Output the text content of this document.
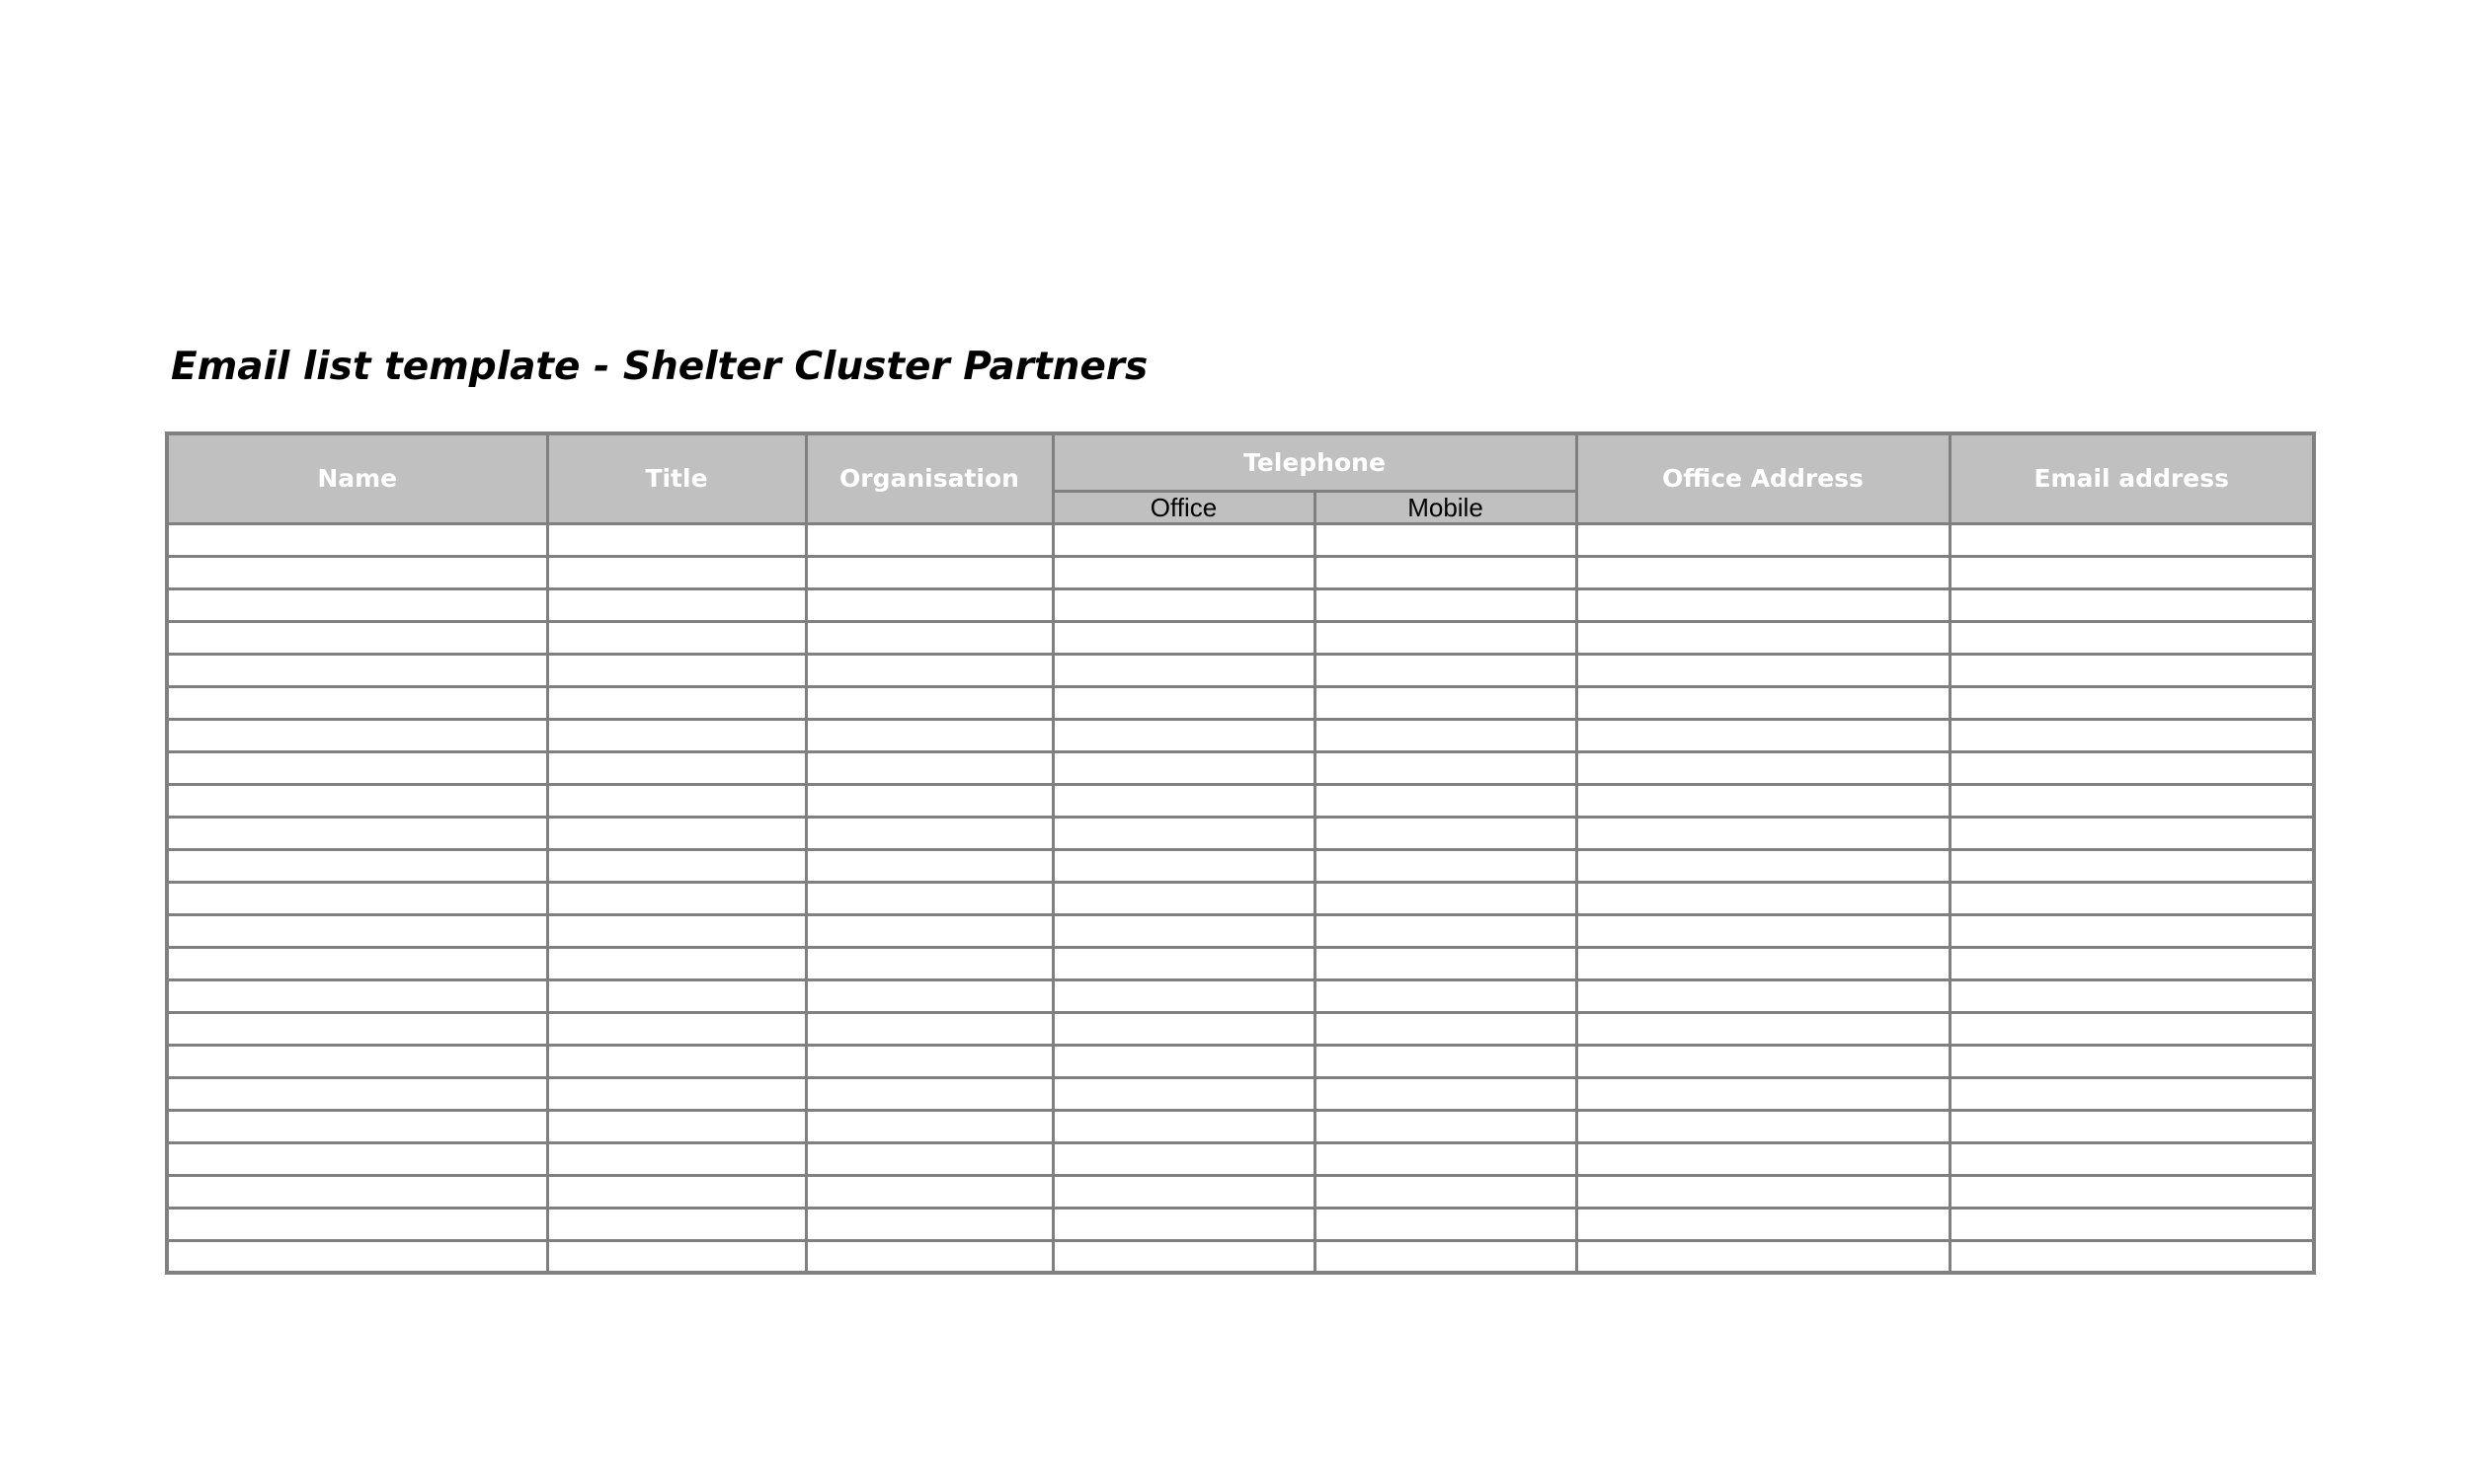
Email list template - Shelter Cluster Partners
Name	Title	Organisation	Telephone		Office Address	Email address
			Office	Mobile		
